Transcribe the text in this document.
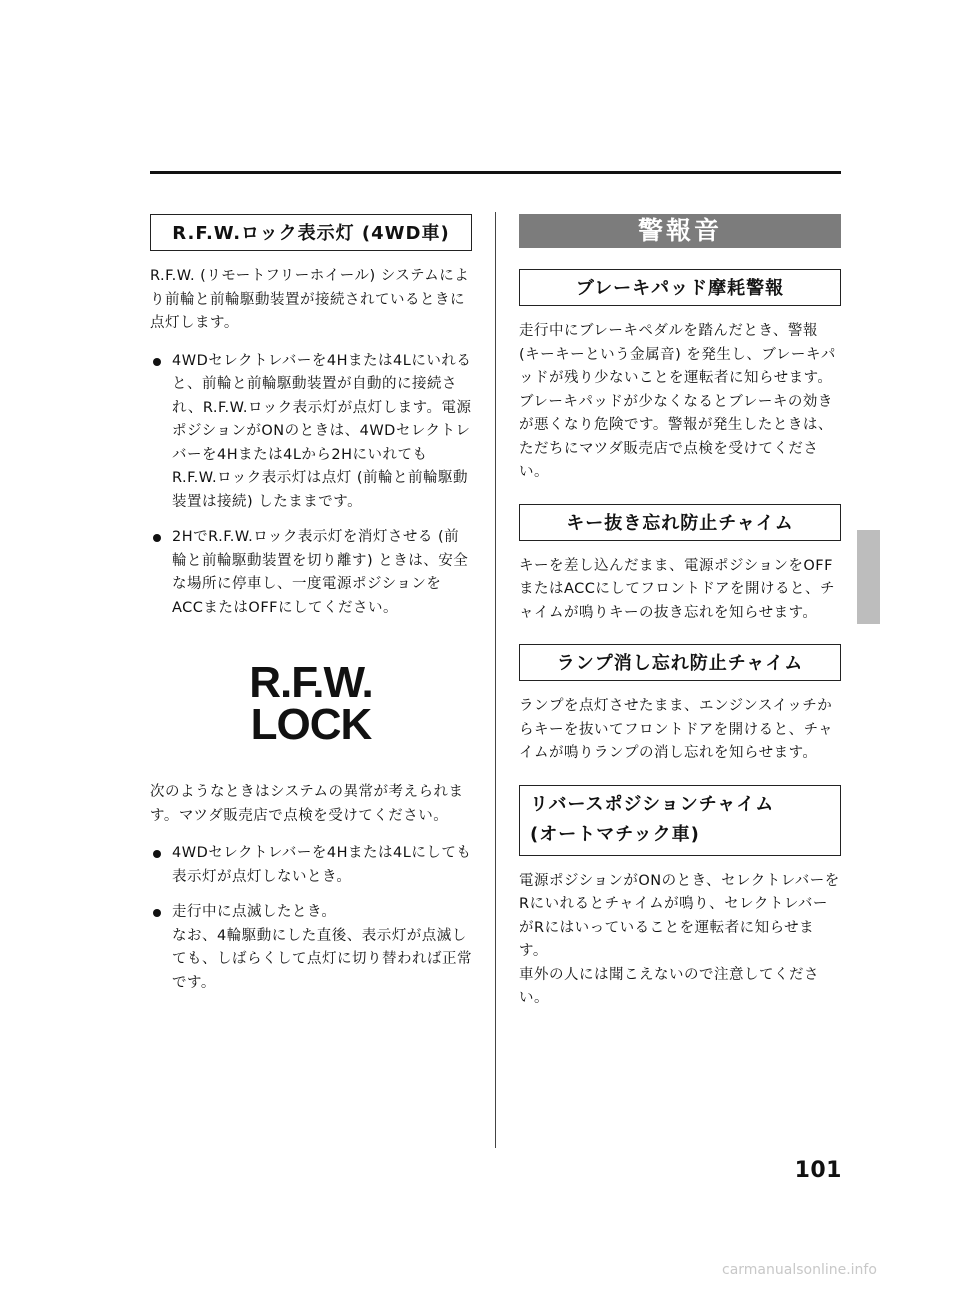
R.F.W.ロック表示灯 (4WD車)

R.F.W. (リモートフリーホイール) システムにより前輪と前輪駆動装置が接続されているときに点灯します。

4WDセレクトレバーを4Hまたは4Lにいれると、前輪と前輪駆動装置が自動的に接続され、R.F.W.ロック表示灯が点灯します。電源ポジションがONのときは、4WDセレクトレバーを4Hまたは4Lから2Hにいれても R.F.W.ロック表示灯は点灯 (前輪と前輪駆動装置は接続) したままです。

2HでR.F.W.ロック表示灯を消灯させる (前輪と前輪駆動装置を切り離す) ときは、安全な場所に停車し、一度電源ポジションをACCまたはOFFにしてください。

R.F.W.
LOCK

次のようなときはシステムの異常が考えられます。マツダ販売店で点検を受けてください。

4WDセレクトレバーを4Hまたは4Lにしても表示灯が点灯しないとき。

走行中に点滅したとき。

なお、4輪駆動にした直後、表示灯が点滅しても、しばらくして点灯に切り替われば正常です。

警報音
ブレーキパッド摩耗警報

走行中にブレーキペダルを踏んだとき、警報 (キーキーという金属音) を発生し、ブレーキパッドが残り少ないことを運転者に知らせます。

ブレーキパッドが少なくなるとブレーキの効きが悪くなり危険です。警報が発生したときは、ただちにマツダ販売店で点検を受けてください。

キー抜き忘れ防止チャイム

キーを差し込んだまま、電源ポジションをOFFまたはACCにしてフロントドアを開けると、チャイムが鳴りキーの抜き忘れを知らせます。

ランプ消し忘れ防止チャイム

ランプを点灯させたまま、エンジンスイッチからキーを抜いてフロントドアを開けると、チャイムが鳴りランプの消し忘れを知らせます。

リバースポジションチャイム
(オートマチック車)

電源ポジションがONのとき、セレクトレバーをRにいれるとチャイムが鳴り、セレクトレバーがRにはいっていることを運転者に知らせます。

車外の人には聞こえないので注意してください。

101
carmanualsonline.info
